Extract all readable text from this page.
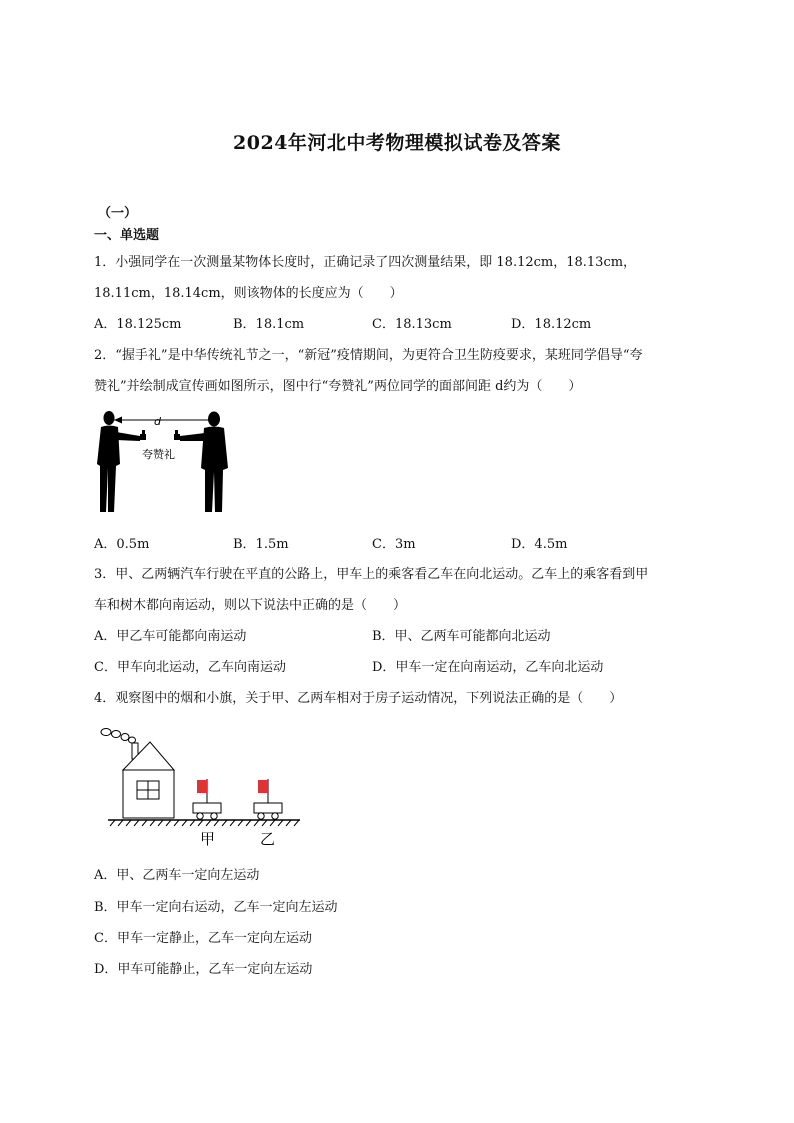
2024年河北中考物理模拟试卷及答案
（一）
一、单选题
1．小强同学在一次测量某物体长度时，正确记录了四次测量结果，即 18.12cm，18.13cm，
18.11cm，18.14cm，则该物体的长度应为（　　）
A．18.125cm	B．18.1cm	C．18.13cm	D．18.12cm
2．“握手礼”是中华传统礼节之一，“新冠”疫情期间，为更符合卫生防疫要求，某班同学倡导“夸
赞礼”并绘制成宣传画如图所示，图中行“夸赞礼”两位同学的面部间距 d约为（　　）
d
夸赞礼
A．0.5m	B．1.5m	C．3m	D．4.5m
3．甲、乙两辆汽车行驶在平直的公路上，甲车上的乘客看乙车在向北运动。乙车上的乘客看到甲
车和树木都向南运动，则以下说法中正确的是（　　）
A．甲乙车可能都向南运动	B．甲、乙两车可能都向北运动
C．甲车向北运动，乙车向南运动	D．甲车一定在向南运动，乙车向北运动
4．观察图中的烟和小旗，关于甲、乙两车相对于房子运动情况，下列说法正确的是（　　）
甲	乙
A．甲、乙两车一定向左运动
B．甲车一定向右运动，乙车一定向左运动
C．甲车一定静止，乙车一定向左运动
D．甲车可能静止，乙车一定向左运动
